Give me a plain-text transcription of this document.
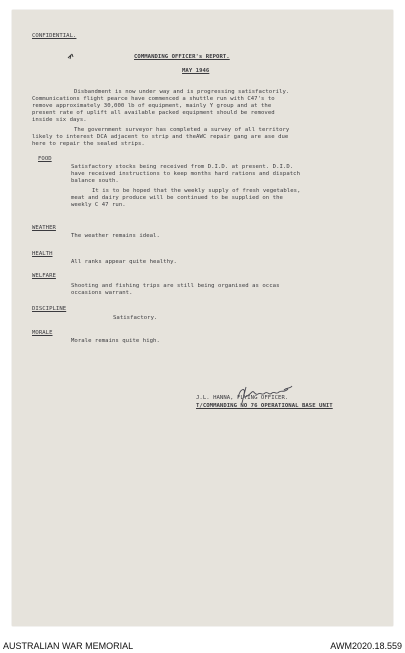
CONFIDENTIAL.
COMMANDING OFFICER's REPORT.
MAY 1946
Disbandment is now under way and is progressing satisfactorily.
Communications flight pearce have commenced a shuttle run with C47's to
remove approximately 30,000 lb of equipment, mainly Y group and at the
present rate of uplift all available packed equipment should be removed
inside six days.
The government surveyor has completed a survey of all territory
likely to interest DCA adjacent to strip and theAWC repair gang are ase due
here to repair the sealed strips.
FOOD
Satisfactory stocks being received from D.I.D. at present. D.I.D.
have received instructions to keep months hard rations and dispatch
balance south.
It is to be hoped that the weekly supply of fresh vegetables,
meat and dairy produce will be continued to be supplied on the
weekly C 47 run.
WEATHER
The weather remains ideal.
HEALTH
All ranks appear quite healthy.
WELFARE
Shooting and fishing trips are still being organised as occas
occasions warrant.
DISCIPLINE
Satisfactory.
MORALE
Morale remains quite high.
J.L. HANNA, FLYING OFFICER.
T/COMMANDING NO 76 OPERATIONAL BASE UNIT
AUSTRALIAN WAR MEMORIAL	AWM2020.18.559
